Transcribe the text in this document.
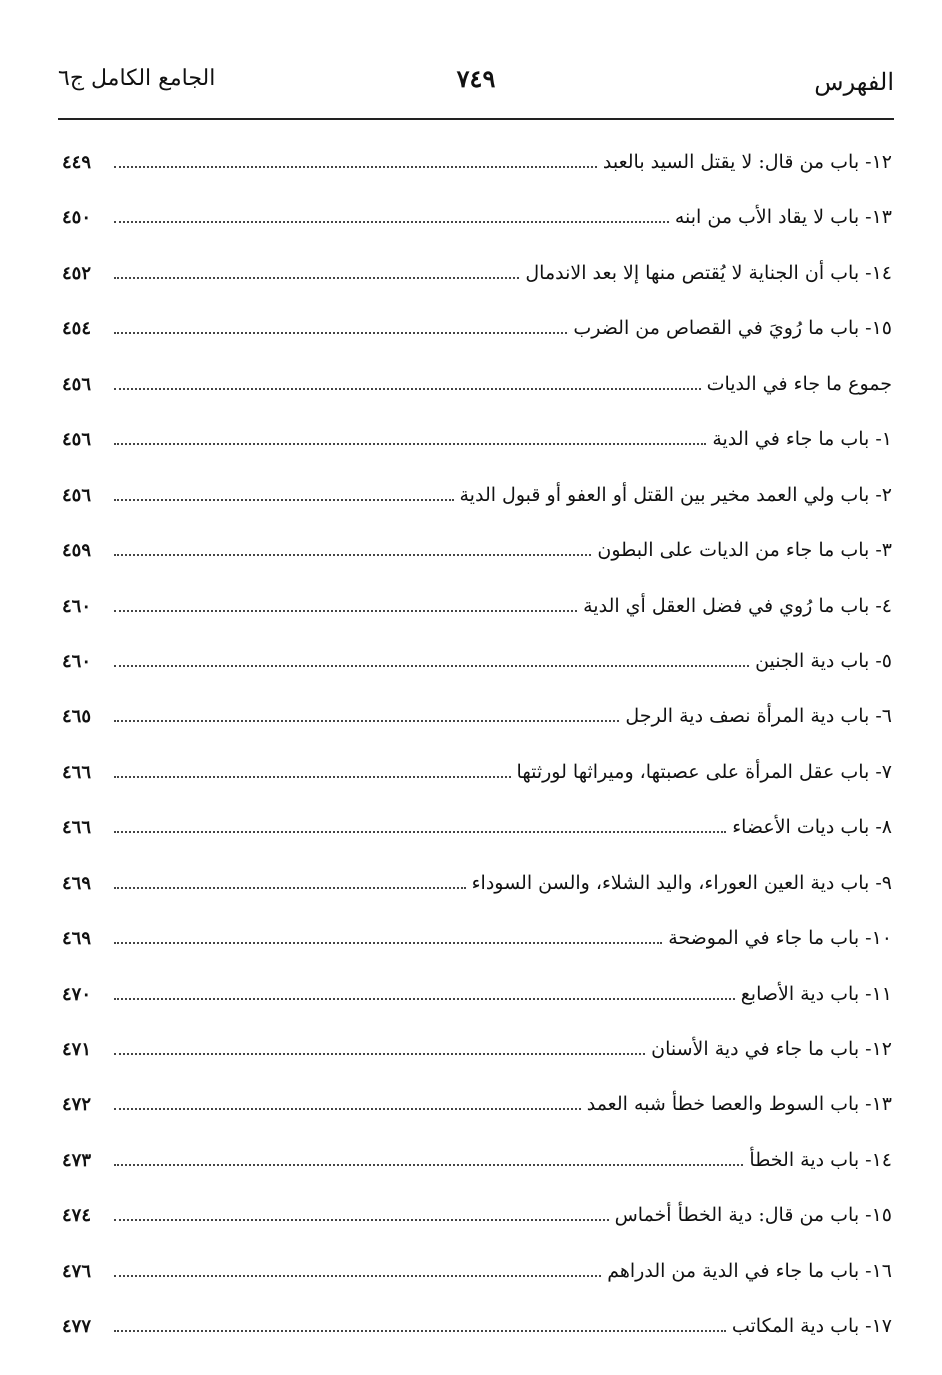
الفهرس
٧٤٩
الجامع الكامل ج٦
١٢- باب من قال: لا يقتل السيد بالعبد
٤٤٩
١٣- باب لا يقاد الأب من ابنه
٤٥٠
١٤- باب أن الجناية لا يُقتص منها إلا بعد الاندمال
٤٥٢
١٥- باب ما رُويَ في القصاص من الضرب
٤٥٤
جموع ما جاء في الديات
٤٥٦
١- باب ما جاء في الدية
٤٥٦
٢- باب ولي العمد مخير بين القتل أو العفو أو قبول الدية
٤٥٦
٣- باب ما جاء من الديات على البطون
٤٥٩
٤- باب ما رُوي في فضل العقل أي الدية
٤٦٠
٥- باب دية الجنين
٤٦٠
٦- باب دية المرأة نصف دية الرجل
٤٦٥
٧- باب عقل المرأة على عصبتها، وميراثها لورثتها
٤٦٦
٨- باب ديات الأعضاء
٤٦٦
٩- باب دية العين العوراء، واليد الشلاء، والسن السوداء
٤٦٩
١٠- باب ما جاء في الموضحة
٤٦٩
١١- باب دية الأصابع
٤٧٠
١٢- باب ما جاء في دية الأسنان
٤٧١
١٣- باب السوط والعصا خطأ شبه العمد
٤٧٢
١٤- باب دية الخطأ
٤٧٣
١٥- باب من قال: دية الخطأ أخماس
٤٧٤
١٦- باب ما جاء في الدية من الدراهم
٤٧٦
١٧- باب دية المكاتب
٤٧٧
